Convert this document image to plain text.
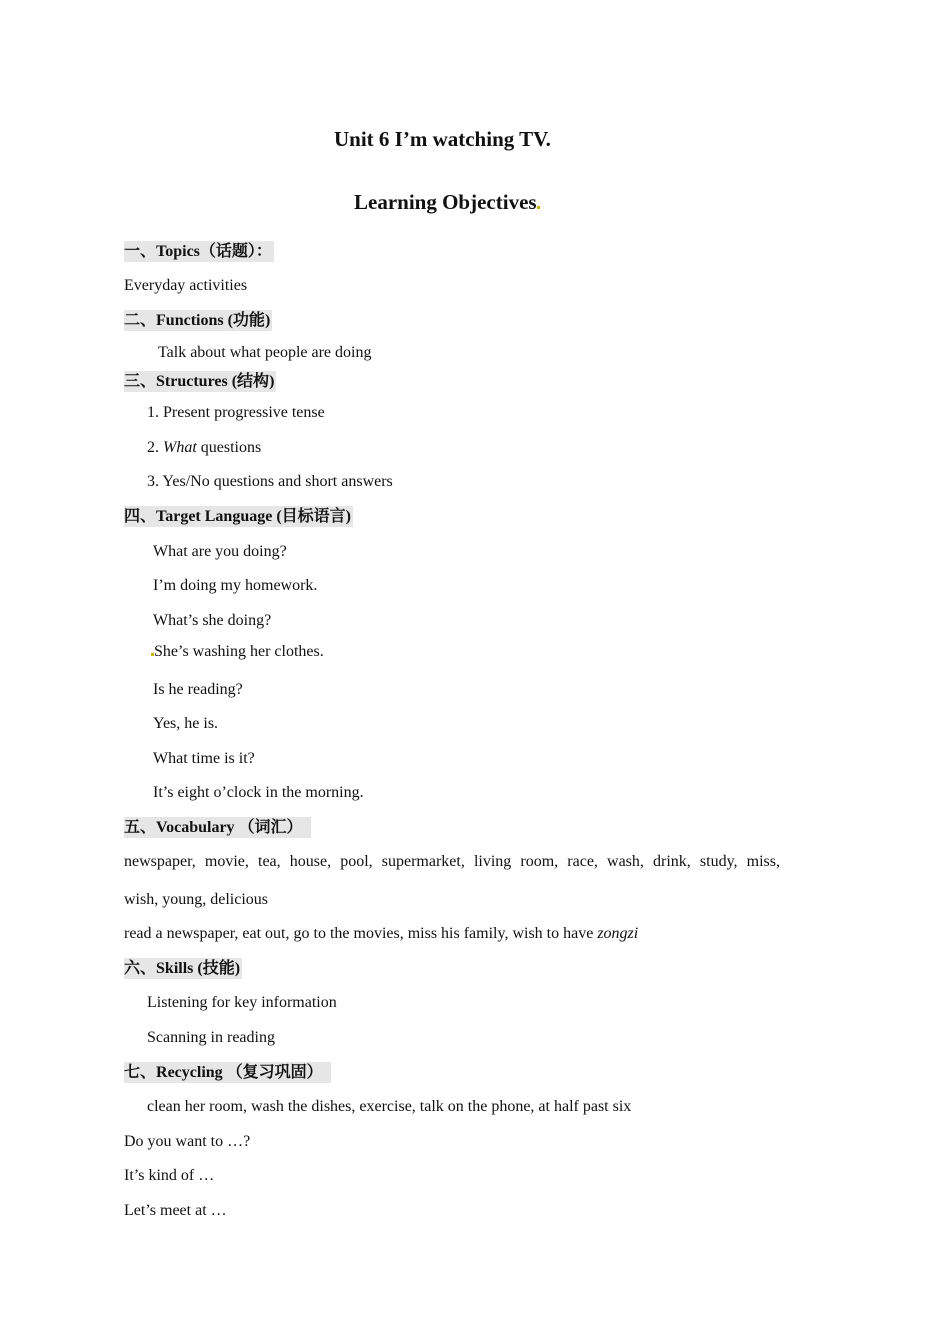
Unit 6 I’m watching TV.
Learning Objectives
一、Topics（话题）：
Everyday activities
二、Functions (功能)
Talk about what people are doing
三、Structures (结构)
1. Present progressive tense
2. What questions
3. Yes/No questions and short answers
四、Target Language (目标语言)
What are you doing?
I’m doing my homework.
What’s she doing?
She’s washing her clothes.
Is he reading?
Yes, he is.
What time is it?
It’s eight o’clock in the morning.
五、Vocabulary （词汇）
newspaper, movie, tea, house, pool, supermarket, living room, race, wash, drink, study, miss,
wish, young, delicious
read a newspaper, eat out, go to the movies, miss his family, wish to have zongzi
六、Skills (技能)
Listening for key information
Scanning in reading
七、Recycling （复习巩固）
clean her room, wash the dishes, exercise, talk on the phone, at half past six
Do you want to …?
It’s kind of …
Let’s meet at …
